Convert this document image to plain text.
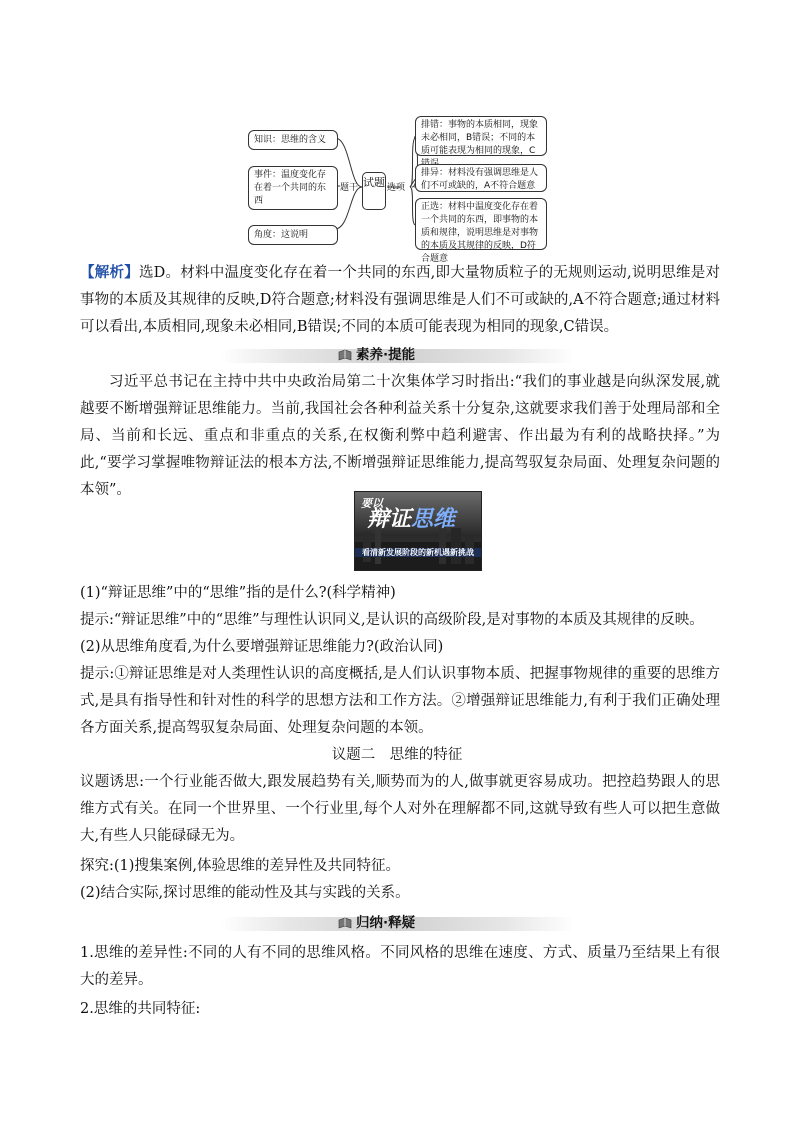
知识：思维的含义
事件：温度变化存在着一个共同的东西
角度：这说明
题干 试题 选项
排错：事物的本质相同，现象未必相同，B错误；不同的本质可能表现为相同的现象，C
排异：材料没有强调思维是人们不可或缺的，A不符合题意
正选：材料中温度变化存在着一个共同的东西，即事物的本质和规律，说明思维是对事物的本质及其规律的反映，D符合题意
【解析】选D。材料中温度变化存在着一个共同的东西,即大量物质粒子的无规则运动,说明思维是对事物的本质及其规律的反映,D符合题意;材料没有强调思维是人们不可或缺的,A不符合题意;通过材料可以看出,本质相同,现象未必相同,B错误;不同的本质可能表现为相同的现象,C错误。
素养·提能
习近平总书记在主持中共中央政治局第二十次集体学习时指出:“我们的事业越是向纵深发展,就越要不断增强辩证思维能力。当前,我国社会各种利益关系十分复杂,这就要求我们善于处理局部和全局、当前和长远、重点和非重点的关系,在权衡利弊中趋利避害、作出最为有利的战略抉择。”为此,“要学习掌握唯物辩证法的根本方法,不断增强辩证思维能力,提高驾驭复杂局面、处理复杂问题的本领”。
要以
辩证思维
看清新发展阶段的新机遇新挑战
(1)“辩证思维”中的“思维”指的是什么?(科学精神)
提示:“辩证思维”中的“思维”与理性认识同义,是认识的高级阶段,是对事物的本质及其规律的反映。
(2)从思维角度看,为什么要增强辩证思维能力?(政治认同)
提示:①辩证思维是对人类理性认识的高度概括,是人们认识事物本质、把握事物规律的重要的思维方式,是具有指导性和针对性的科学的思想方法和工作方法。②增强辩证思维能力,有利于我们正确处理各方面关系,提高驾驭复杂局面、处理复杂问题的本领。
议题二　思维的特征
议题诱思:一个行业能否做大,跟发展趋势有关,顺势而为的人,做事就更容易成功。把控趋势跟人的思维方式有关。在同一个世界里、一个行业里,每个人对外在理解都不同,这就导致有些人可以把生意做大,有些人只能碌碌无为。
探究:(1)搜集案例,体验思维的差异性及共同特征。
(2)结合实际,探讨思维的能动性及其与实践的关系。
归纳·释疑
1.思维的差异性:不同的人有不同的思维风格。不同风格的思维在速度、方式、质量乃至结果上有很大的差异。
2.思维的共同特征:
